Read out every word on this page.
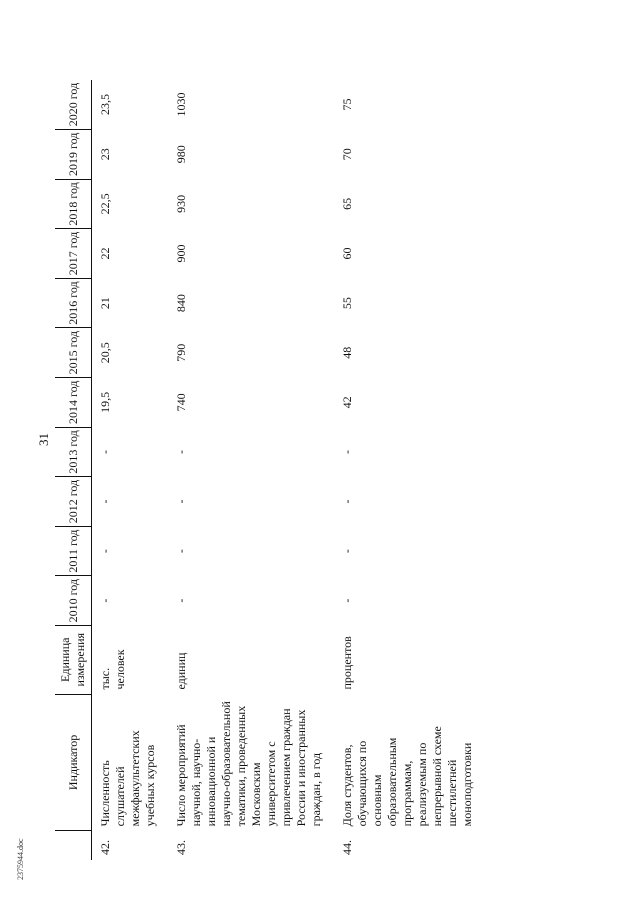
31
2375944.doc
	Индикатор	Единица измерения	2010 год	2011 год	2012 год	2013 год	2014 год	2015 год	2016 год	2017 год	2018 год	2019 год	2020 год
42.	Численность слушателей межфакультетских учебных курсов	тыс. человек	-	-	-	-	19,5	20,5	21	22	22,5	23	23,5
43.	Число мероприятий научной, научно-инновационной и научно-образовательной тематики, проведенных Московским университетом с привлечением граждан России и иностранных граждан, в год	единиц	-	-	-	-	740	790	840	900	930	980	1030
44.	Доля студентов, обучающихся по основным образовательным программам, реализуемым по непрерывной схеме шестилетней моноподготовки	процентов	-	-	-	-	42	48	55	60	65	70	75
